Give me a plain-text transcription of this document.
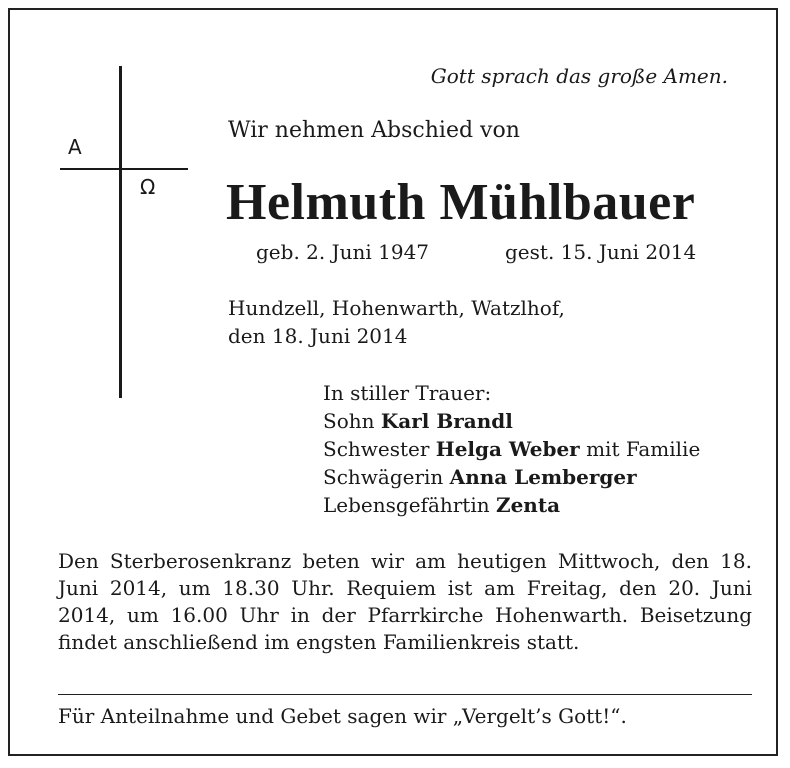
A
Ω
Gott sprach das große Amen.
Wir nehmen Abschied von
Helmuth Mühlbauer
geb. 2. Juni 1947	gest. 15. Juni 2014
Hundzell, Hohenwarth, Watzlhof,
den 18. Juni 2014
In stiller Trauer:
Sohn Karl Brandl
Schwester Helga Weber mit Familie
Schwägerin Anna Lemberger
Lebensgefährtin Zenta
Den Sterberosenkranz beten wir am heutigen Mittwoch, den 18. Juni 2014, um 18.30 Uhr. Requiem ist am Freitag, den 20. Juni 2014, um 16.00 Uhr in der Pfarrkirche Hohenwarth. Beisetzung findet anschließend im engsten Familienkreis statt.
Für Anteilnahme und Gebet sagen wir „Vergelt’s Gott!“.
